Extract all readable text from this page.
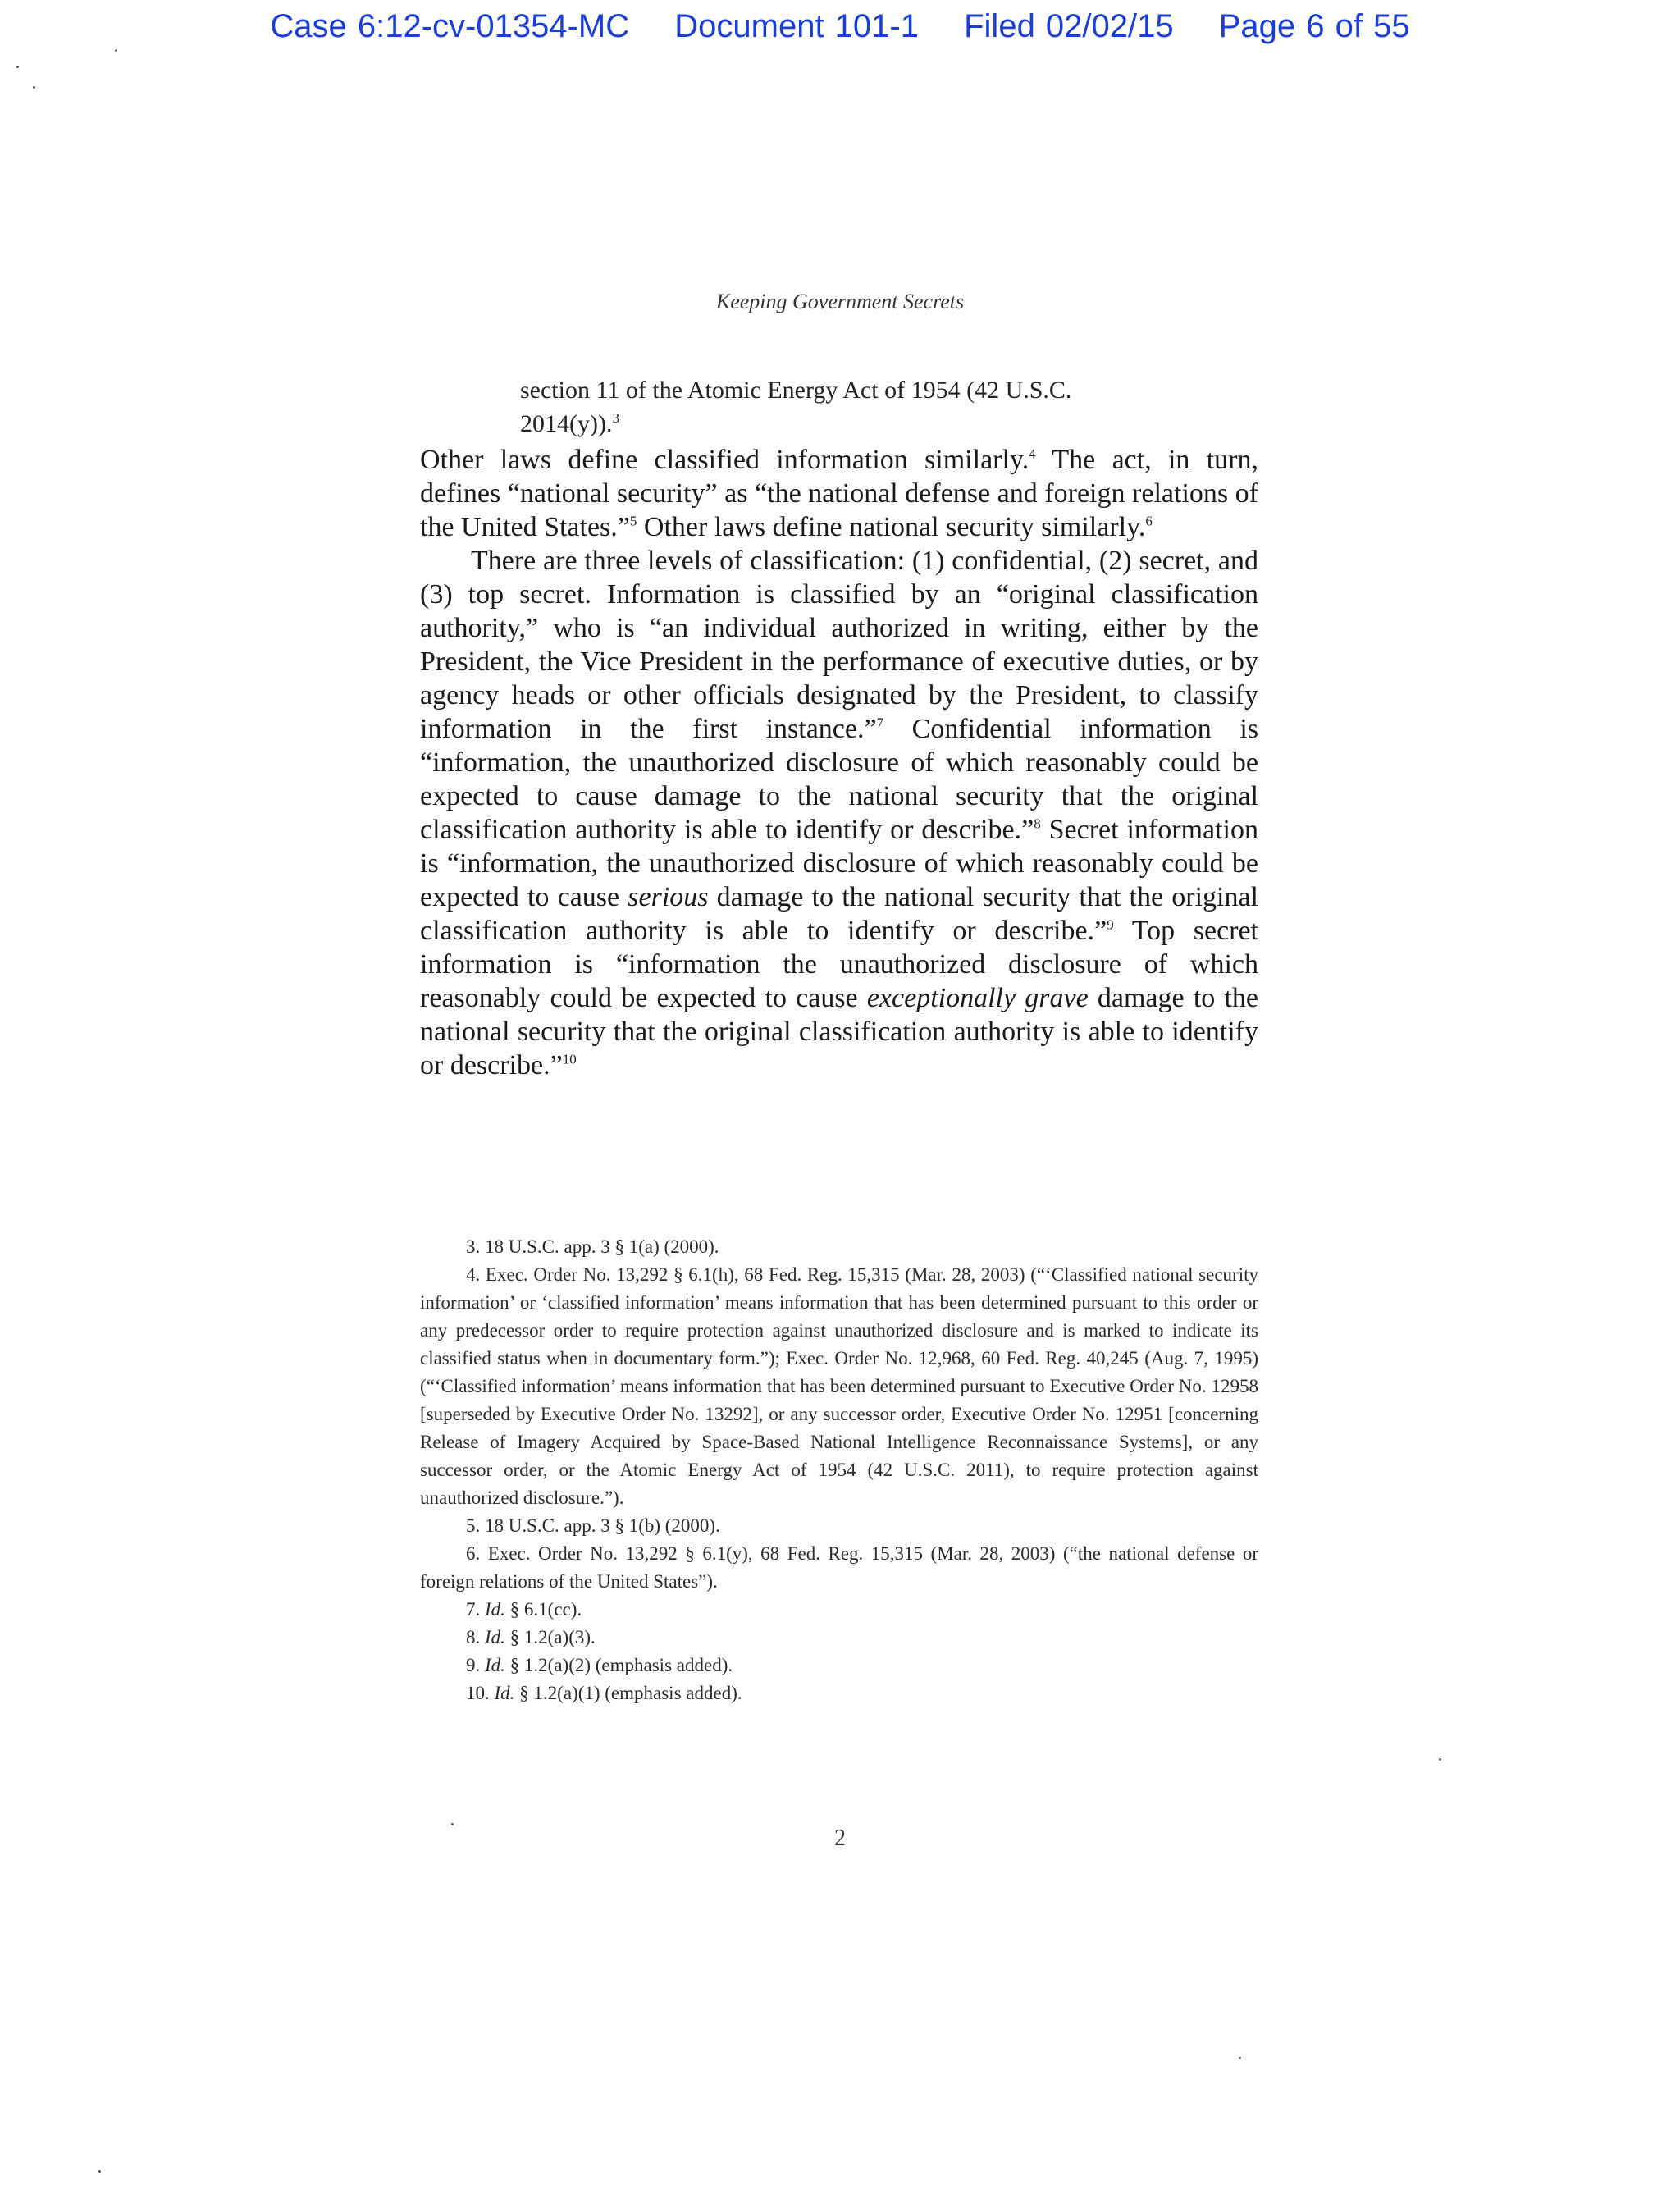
Case 6:12-cv-01354-MC Document 101-1 Filed 02/02/15 Page 6 of 55
Keeping Government Secrets
section 11 of the Atomic Energy Act of 1954 (42 U.S.C. 2014(y)).$^3$

Other laws define classified information similarly.$^4$ The act, in turn, defines “national security” as “the national defense and foreign relations of the United States.”$^5$ Other laws define national security similarly.$^6$

There are three levels of classification: (1) confidential, (2) secret, and (3) top secret. Information is classified by an “original classification authority,” who is “an individual authorized in writing, either by the President, the Vice President in the performance of executive duties, or by agency heads or other officials designated by the President, to classify information in the first instance.”$^7$ Confidential information is “information, the unauthorized disclosure of which reasonably could be expected to cause damage to the national security that the original classification authority is able to identify or describe.”$^8$ Secret information is “information, the unauthorized disclosure of which reasonably could be expected to cause serious damage to the national security that the original classification authority is able to identify or describe.”$^9$ Top secret information is “information the unauthorized disclosure of which reasonably could be expected to cause exceptionally grave damage to the national security that the original classification authority is able to identify or describe.”$^{10}$

3. 18 U.S.C. app. 3 § 1(a) (2000).

4. Exec. Order No. 13,292 § 6.1(h), 68 Fed. Reg. 15,315 (Mar. 28, 2003) (“‘Classified national security information’ or ‘classified information’ means information that has been determined pursuant to this order or any predecessor order to require protection against unauthorized disclosure and is marked to indicate its classified status when in documentary form.”); Exec. Order No. 12,968, 60 Fed. Reg. 40,245 (Aug. 7, 1995) (“‘Classified information’ means information that has been determined pursuant to Executive Order No. 12958 [superseded by Executive Order No. 13292], or any successor order, Executive Order No. 12951 [concerning Release of Imagery Acquired by Space-Based National Intelligence Reconnaissance Systems], or any successor order, or the Atomic Energy Act of 1954 (42 U.S.C. 2011), to require protection against unauthorized disclosure.”).

5. 18 U.S.C. app. 3 § 1(b) (2000).

6. Exec. Order No. 13,292 § 6.1(y), 68 Fed. Reg. 15,315 (Mar. 28, 2003) (“the national defense or foreign relations of the United States”).

7. Id. § 6.1(cc).

8. Id. § 1.2(a)(3).

9. Id. § 1.2(a)(2) (emphasis added).

10. Id. § 1.2(a)(1) (emphasis added).

2
